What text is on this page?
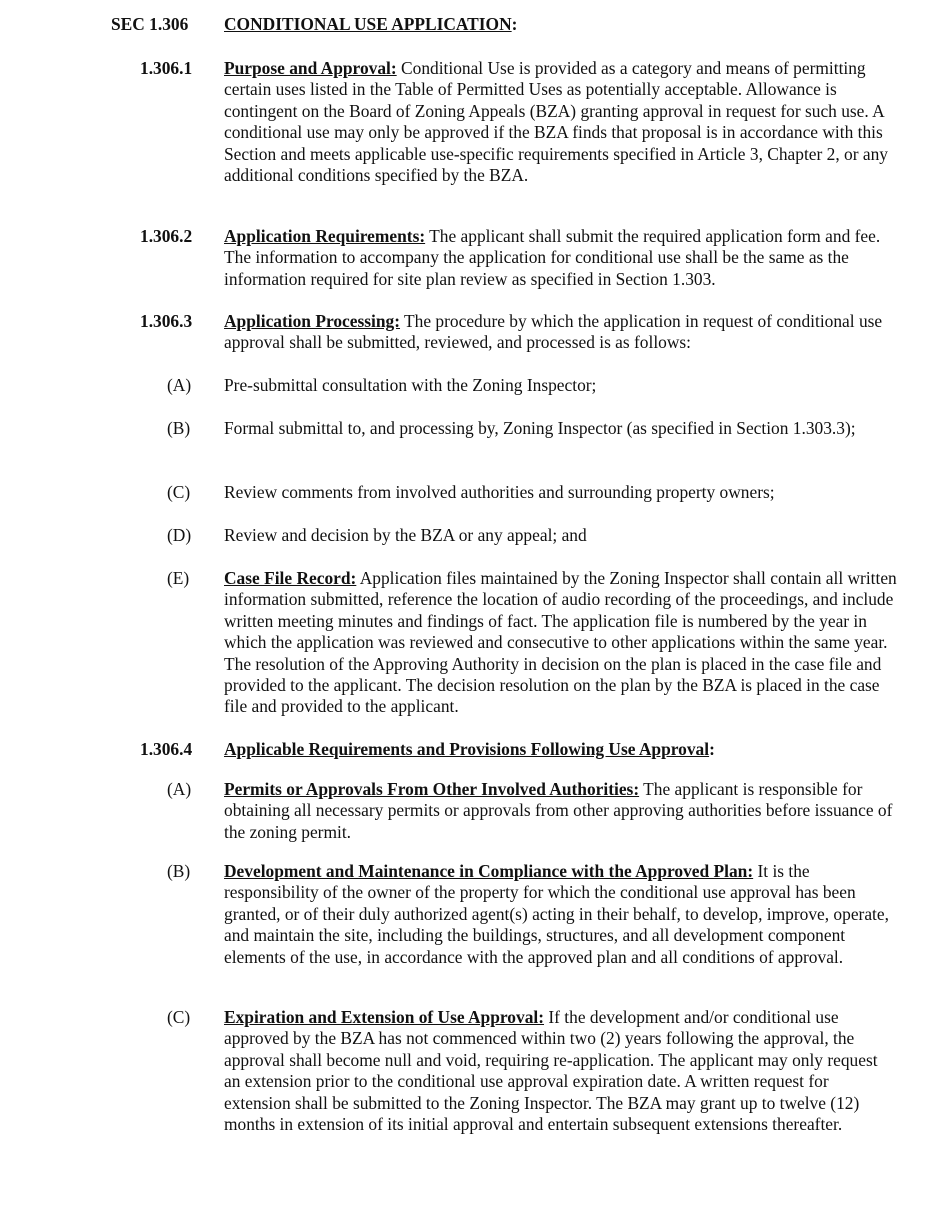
SEC 1.306 CONDITIONAL USE APPLICATION:
1.306.1 Purpose and Approval: Conditional Use is provided as a category and means of permitting certain uses listed in the Table of Permitted Uses as potentially acceptable. Allowance is contingent on the Board of Zoning Appeals (BZA) granting approval in request for such use. A conditional use may only be approved if the BZA finds that proposal is in accordance with this Section and meets applicable use-specific requirements specified in Article 3, Chapter 2, or any additional conditions specified by the BZA.
1.306.2 Application Requirements: The applicant shall submit the required application form and fee. The information to accompany the application for conditional use shall be the same as the information required for site plan review as specified in Section 1.303.
1.306.3 Application Processing: The procedure by which the application in request of conditional use approval shall be submitted, reviewed, and processed is as follows:
(A) Pre-submittal consultation with the Zoning Inspector;
(B) Formal submittal to, and processing by, Zoning Inspector (as specified in Section 1.303.3);
(C) Review comments from involved authorities and surrounding property owners;
(D) Review and decision by the BZA or any appeal; and
(E) Case File Record: Application files maintained by the Zoning Inspector shall contain all written information submitted, reference the location of audio recording of the proceedings, and include written meeting minutes and findings of fact. The application file is numbered by the year in which the application was reviewed and consecutive to other applications within the same year. The resolution of the Approving Authority in decision on the plan is placed in the case file and provided to the applicant. The decision resolution on the plan by the BZA is placed in the case file and provided to the applicant.
1.306.4 Applicable Requirements and Provisions Following Use Approval:
(A) Permits or Approvals From Other Involved Authorities: The applicant is responsible for obtaining all necessary permits or approvals from other approving authorities before issuance of the zoning permit.
(B) Development and Maintenance in Compliance with the Approved Plan: It is the responsibility of the owner of the property for which the conditional use approval has been granted, or of their duly authorized agent(s) acting in their behalf, to develop, improve, operate, and maintain the site, including the buildings, structures, and all development component elements of the use, in accordance with the approved plan and all conditions of approval.
(C) Expiration and Extension of Use Approval: If the development and/or conditional use approved by the BZA has not commenced within two (2) years following the approval, the approval shall become null and void, requiring re-application. The applicant may only request an extension prior to the conditional use approval expiration date. A written request for extension shall be submitted to the Zoning Inspector. The BZA may grant up to twelve (12) months in extension of its initial approval and entertain subsequent extensions thereafter.
